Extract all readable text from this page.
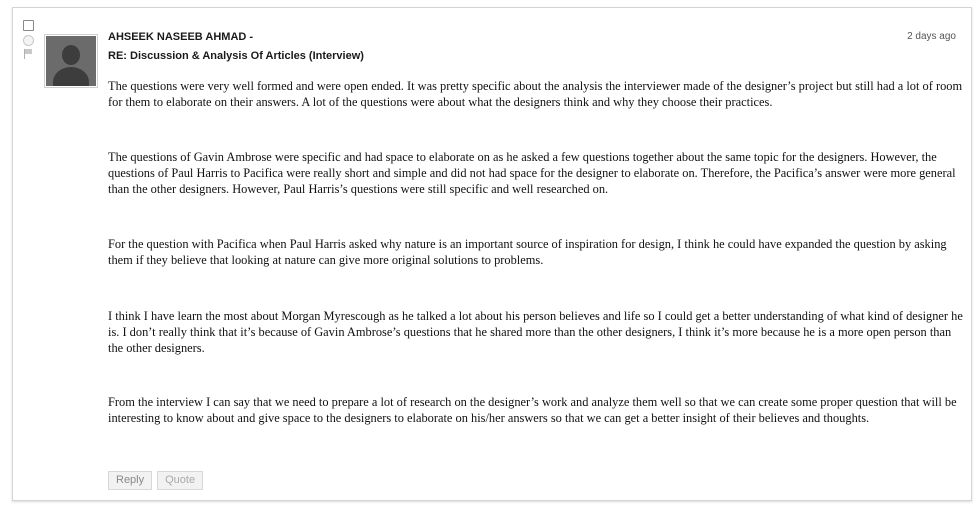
AHSEEK NASEEB AHMAD -	2 days ago
RE: Discussion & Analysis Of Articles (Interview)

The questions were very well formed and were open ended. It was pretty specific about the analysis the interviewer made of the designer’s project but still had a lot of room for them to elaborate on their answers. A lot of the questions were about what the designers think and why they choose their practices.

The questions of Gavin Ambrose were specific and had space to elaborate on as he asked a few questions together about the same topic for the designers. However, the questions of Paul Harris to Pacifica were really short and simple and did not had space for the designer to elaborate on. Therefore, the Pacifica’s answer were more general than the other designers. However, Paul Harris’s questions were still specific and well researched on.

For the question with Pacifica when Paul Harris asked why nature is an important source of inspiration for design, I think he could have expanded the question by asking them if they believe that looking at nature can give more original solutions to problems.

I think I have learn the most about Morgan Myrescough as he talked a lot about his person believes and life so I could get a better understanding of what kind of designer he is. I don’t really think that it’s because of Gavin Ambrose’s questions that he shared more than the other designers, I think it’s more because he is a more open person than the other designers.

From the interview I can say that we need to prepare a lot of research on the designer’s work and analyze them well so that we can create some proper question that will be interesting to know about and give space to the designers to elaborate on his/her answers so that we can get a better insight of their believes and thoughts.

Reply Quote
